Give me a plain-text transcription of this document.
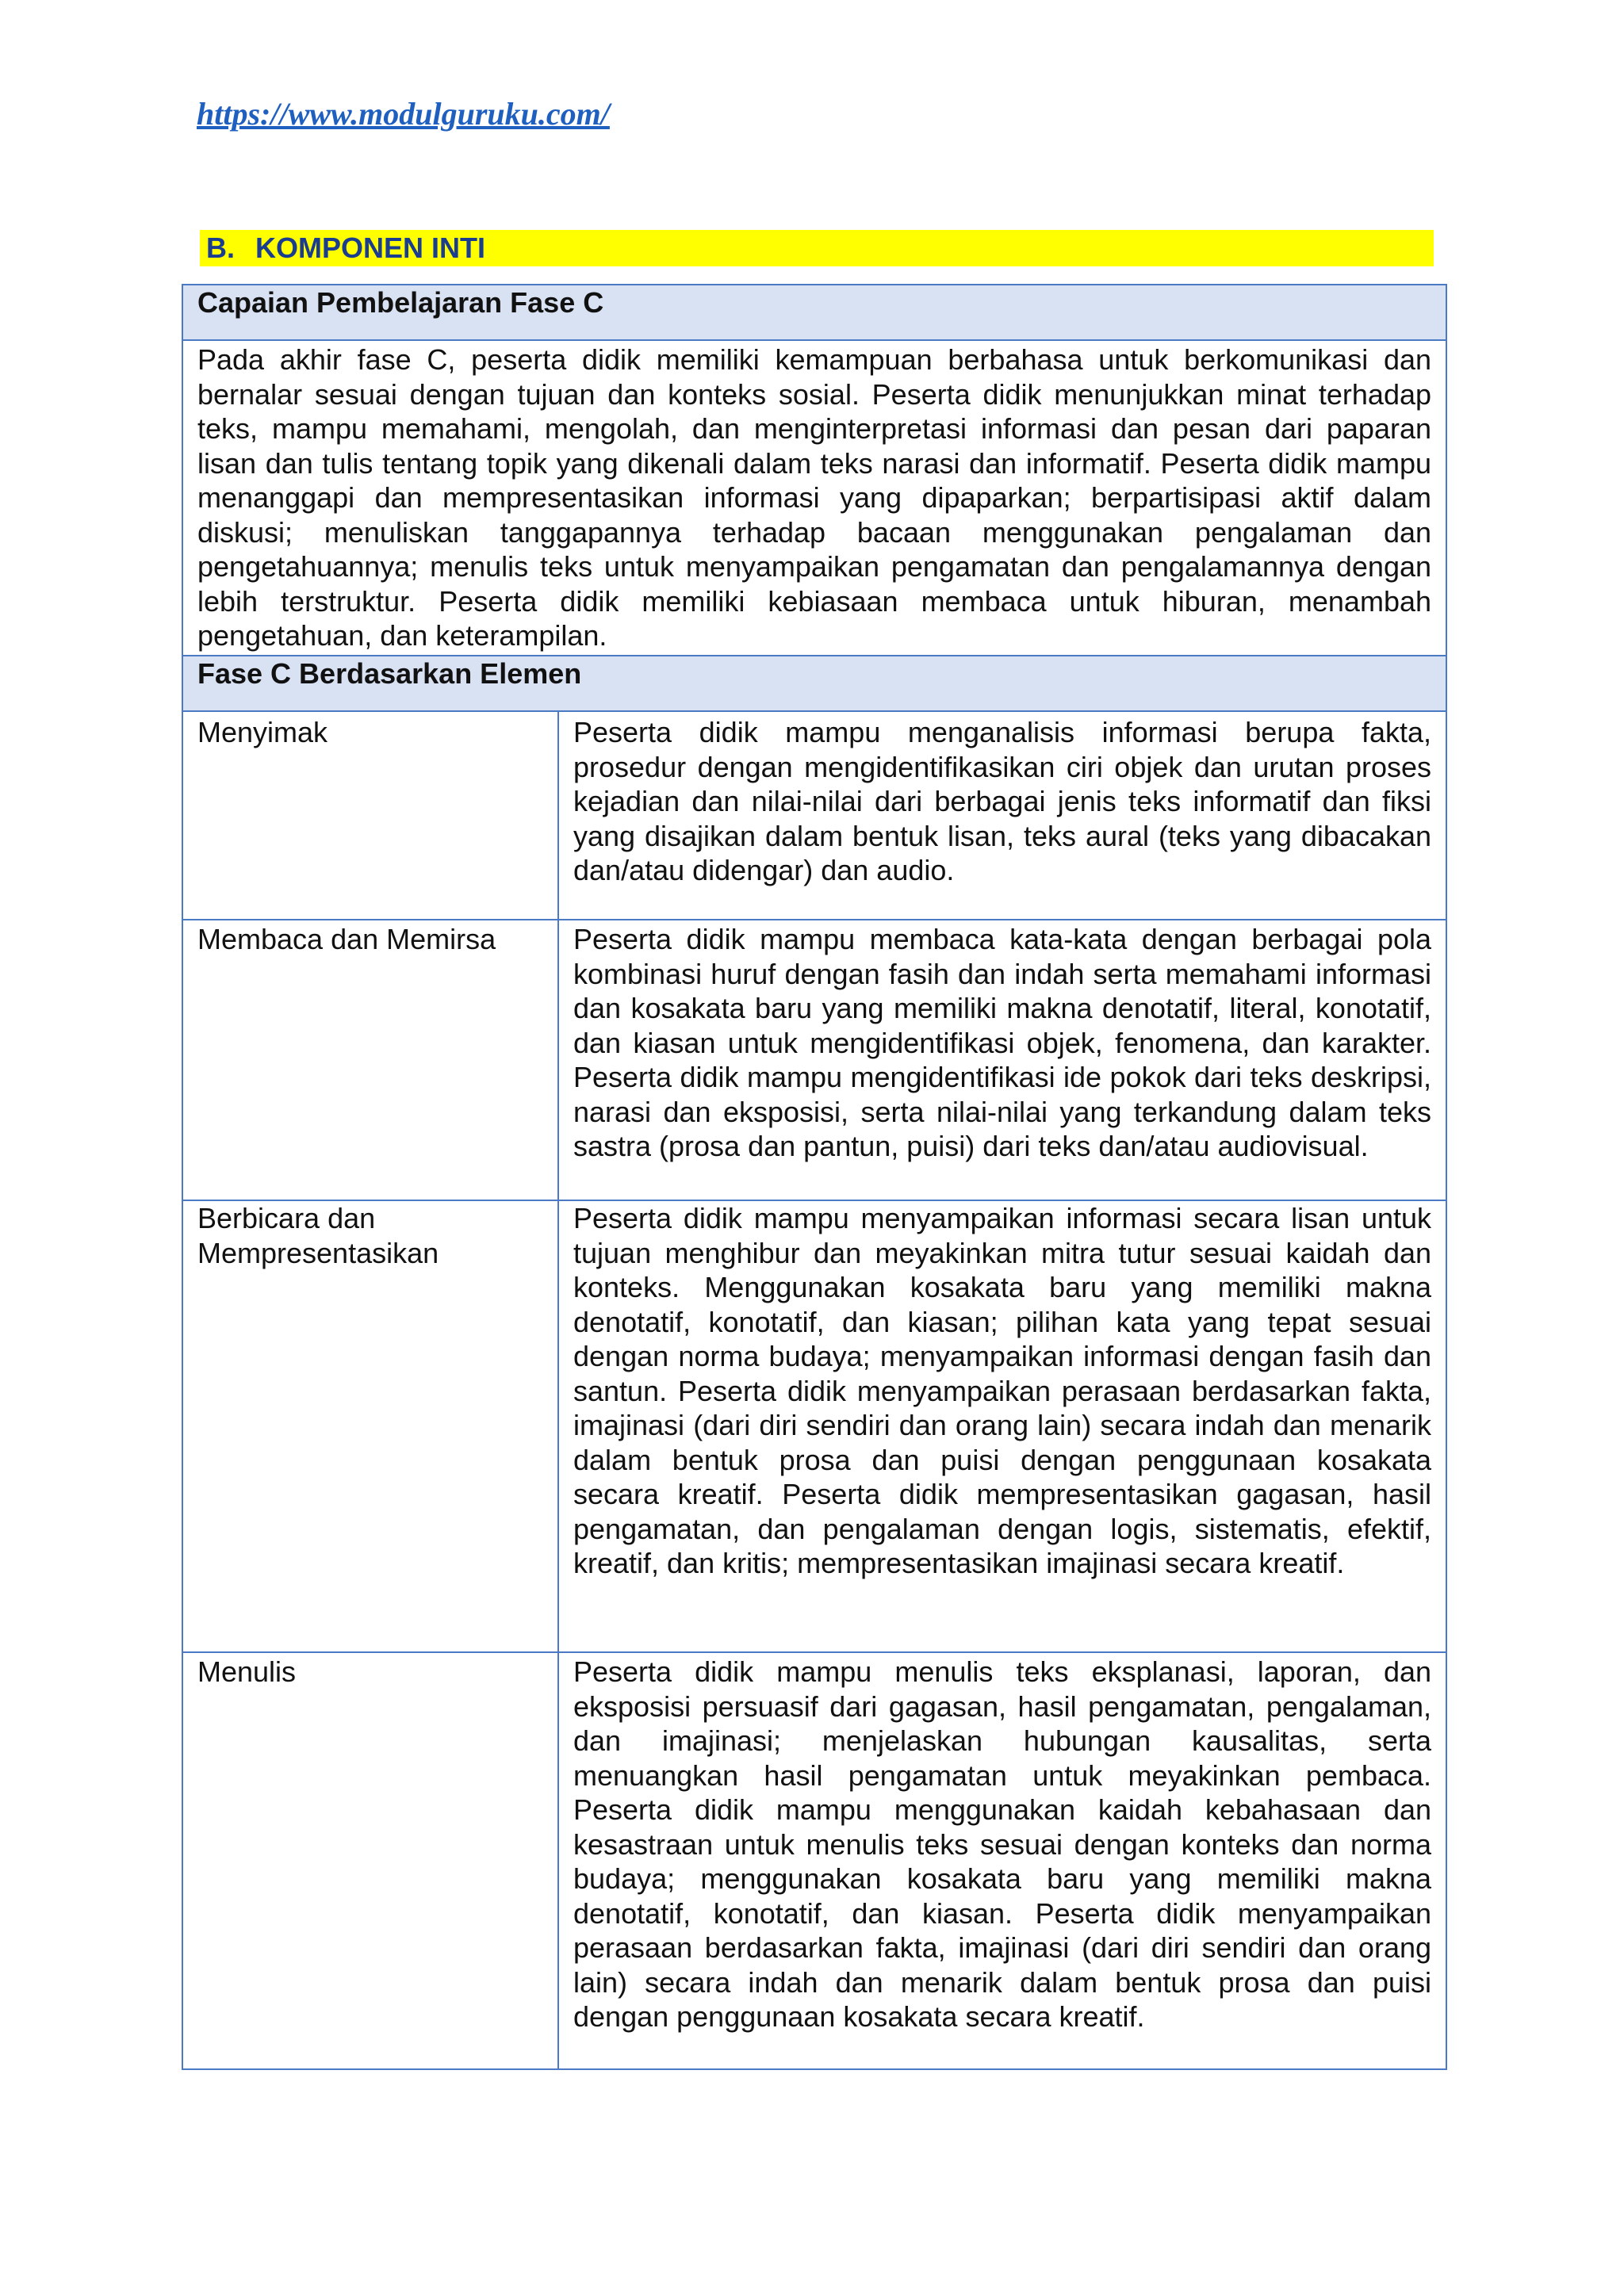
https://www.modulguruku.com/
B. KOMPONEN INTI
Capaian Pembelajaran Fase C	
Pada akhir fase C, peserta didik memiliki kemampuan berbahasa untuk berkomunikasi dan bernalar sesuai dengan tujuan dan konteks sosial. Peserta didik menunjukkan minat terhadap teks, mampu memahami, mengolah, dan menginterpretasi informasi dan pesan dari paparan lisan dan tulis tentang topik yang dikenali dalam teks narasi dan informatif. Peserta didik mampu menanggapi dan mempresentasikan informasi yang dipaparkan; berpartisipasi aktif dalam diskusi; menuliskan tanggapannya terhadap bacaan menggunakan pengalaman dan pengetahuannya; menulis teks untuk menyampaikan pengamatan dan pengalamannya dengan lebih terstruktur. Peserta didik memiliki kebiasaan membaca untuk hiburan, menambah pengetahuan, dan keterampilan.	
Fase C Berdasarkan Elemen	
Menyimak	Peserta didik mampu menganalisis informasi berupa fakta, prosedur dengan mengidentifikasikan ciri objek dan urutan proses kejadian dan nilai-nilai dari berbagai jenis teks informatif dan fiksi yang disajikan dalam bentuk lisan, teks aural (teks yang dibacakan dan/atau didengar) dan audio.
Membaca dan Memirsa	Peserta didik mampu membaca kata-kata dengan berbagai pola kombinasi huruf dengan fasih dan indah serta memahami informasi dan kosakata baru yang memiliki makna denotatif, literal, konotatif, dan kiasan untuk mengidentifikasi objek, fenomena, dan karakter. Peserta didik mampu mengidentifikasi ide pokok dari teks deskripsi, narasi dan eksposisi, serta nilai-nilai yang terkandung dalam teks sastra (prosa dan pantun, puisi) dari teks dan/atau audiovisual.
Berbicara dan Mempresentasikan	Peserta didik mampu menyampaikan informasi secara lisan untuk tujuan menghibur dan meyakinkan mitra tutur sesuai kaidah dan konteks. Menggunakan kosakata baru yang memiliki makna denotatif, konotatif, dan kiasan; pilihan kata yang tepat sesuai dengan norma budaya; menyampaikan informasi dengan fasih dan santun. Peserta didik menyampaikan perasaan berdasarkan fakta, imajinasi (dari diri sendiri dan orang lain) secara indah dan menarik dalam bentuk prosa dan puisi dengan penggunaan kosakata secara kreatif. Peserta didik mempresentasikan gagasan, hasil pengamatan, dan pengalaman dengan logis, sistematis, efektif, kreatif, dan kritis; mempresentasikan imajinasi secara kreatif.
Menulis	Peserta didik mampu menulis teks eksplanasi, laporan, dan eksposisi persuasif dari gagasan, hasil pengamatan, pengalaman, dan imajinasi; menjelaskan hubungan kausalitas, serta menuangkan hasil pengamatan untuk meyakinkan pembaca. Peserta didik mampu menggunakan kaidah kebahasaan dan kesastraan untuk menulis teks sesuai dengan konteks dan norma budaya; menggunakan kosakata baru yang memiliki makna denotatif, konotatif, dan kiasan. Peserta didik menyampaikan perasaan berdasarkan fakta, imajinasi (dari diri sendiri dan orang lain) secara indah dan menarik dalam bentuk prosa dan puisi dengan penggunaan kosakata secara kreatif.
